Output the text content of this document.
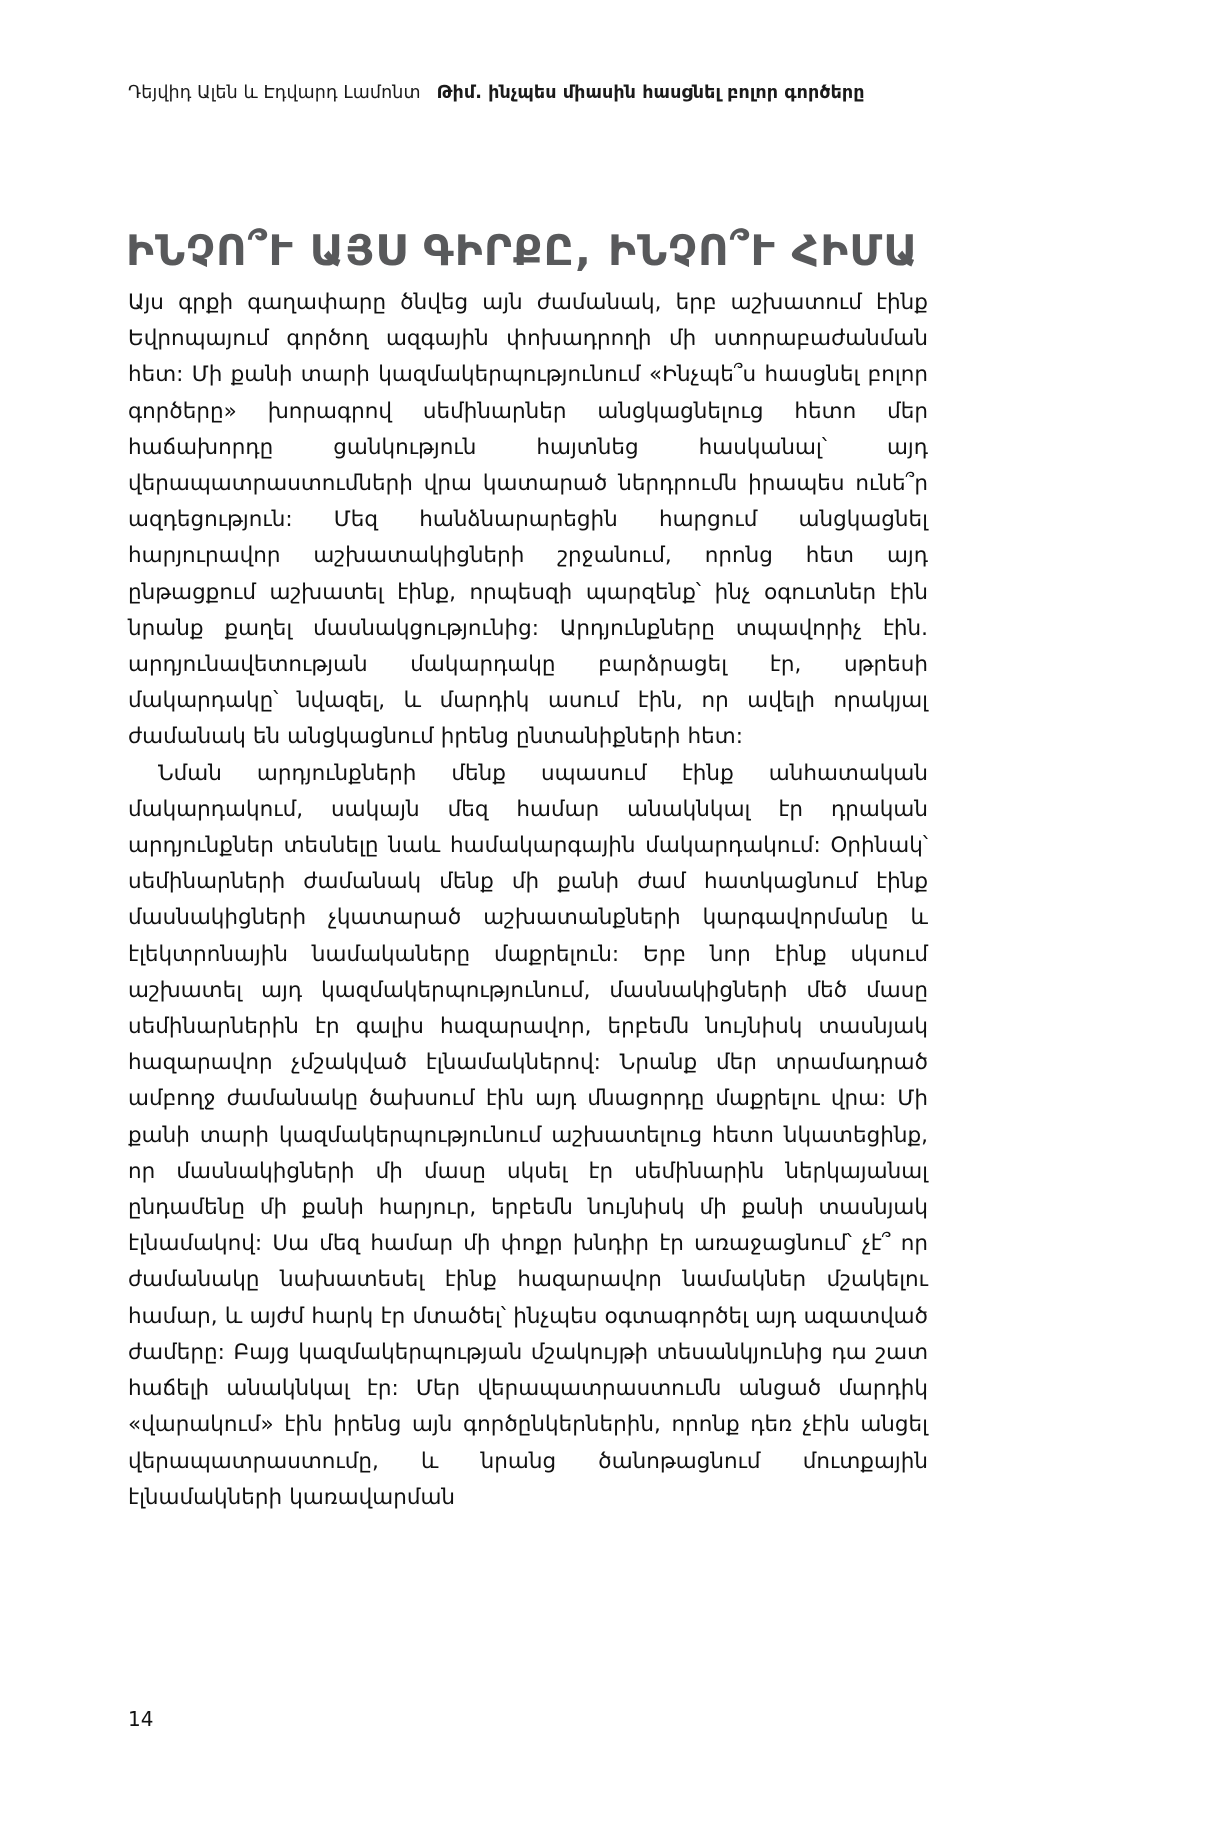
Դեյվիդ Ալեն և Էդվարդ Լամոնտ Թիմ. ինչպես միասին հասցնել բոլոր գործերը
ԻՆՉՈ՞Ւ ԱՅՍ ԳԻՐՔԸ, ԻՆՉՈ՞Ւ ՀԻՄԱ

Այս գրքի գաղափարը ծնվեց այն ժամանակ, երբ աշխատում էինք Եվրոպայում գործող ազգային փոխադրողի մի ստորաբաժանման հետ: Մի քանի տարի կազմակերպությունում «Ինչպե՞ս հասցնել բոլոր գործերը» խորագրով սեմինարներ անցկացնելուց հետո մեր հաճախորդը ցանկություն հայտնեց հասկանալ՝ այդ վերապատրաստումների վրա կատարած ներդրումն իրապես ունե՞ր ազդեցություն: Մեզ հանձնարարեցին հարցում անցկացնել հարյուրավոր աշխատակիցների շրջանում, որոնց հետ այդ ընթացքում աշխատել էինք, որպեսզի պարզենք՝ ինչ օգուտներ էին նրանք քաղել մասնակցությունից: Արդյունքները տպավորիչ էին. արդյունավետության մակարդակը բարձրացել էր, սթրեսի մակարդակը՝ նվազել, և մարդիկ ասում էին, որ ավելի որակյալ ժամանակ են անցկացնում իրենց ընտանիքների հետ:

Նման արդյունքների մենք սպասում էինք անհատական մակարդակում, սակայն մեզ համար անակնկալ էր դրական արդյունքներ տեսնելը նաև համակարգային մակարդակում: Օրինակ՝ սեմինարների ժամանակ մենք մի քանի ժամ հատկացնում էինք մասնակիցների չկատարած աշխատանքների կարգավորմանը և էլեկտրոնային նամակաները մաքրելուն: Երբ նոր էինք սկսում աշխատել այդ կազմակերպությունում, մասնակիցների մեծ մասը սեմինարներին էր գալիս հազարավոր, երբեմն նույնիսկ տասնյակ հազարավոր չմշակված էլնամակներով: Նրանք մեր տրամադրած ամբողջ ժամանակը ծախսում էին այդ մնացորդը մաքրելու վրա: Մի քանի տարի կազմակերպությունում աշխատելուց հետո նկատեցինք, որ մասնակիցների մի մասը սկսել էր սեմինարին ներկայանալ ընդամենը մի քանի հարյուր, երբեմն նույնիսկ մի քանի տասնյակ էլնամակով: Սա մեզ համար մի փոքր խնդիր էր առաջացնում՝ չէ՞ որ ժամանակը նախատեսել էինք հազարավոր նամակներ մշակելու համար, և այժմ հարկ էր մտածել՝ ինչպես օգտագործել այդ ազատված ժամերը: Բայց կազմակերպության մշակույթի տեսանկյունից դա շատ հաճելի անակնկալ էր: Մեր վերապատրաստումն անցած մարդիկ «վարակում» էին իրենց այն գործընկերներին, որոնք դեռ չէին անցել վերապատրաստումը, և նրանց ծանոթացնում մուտքային էլնամակների կառավարման

14
